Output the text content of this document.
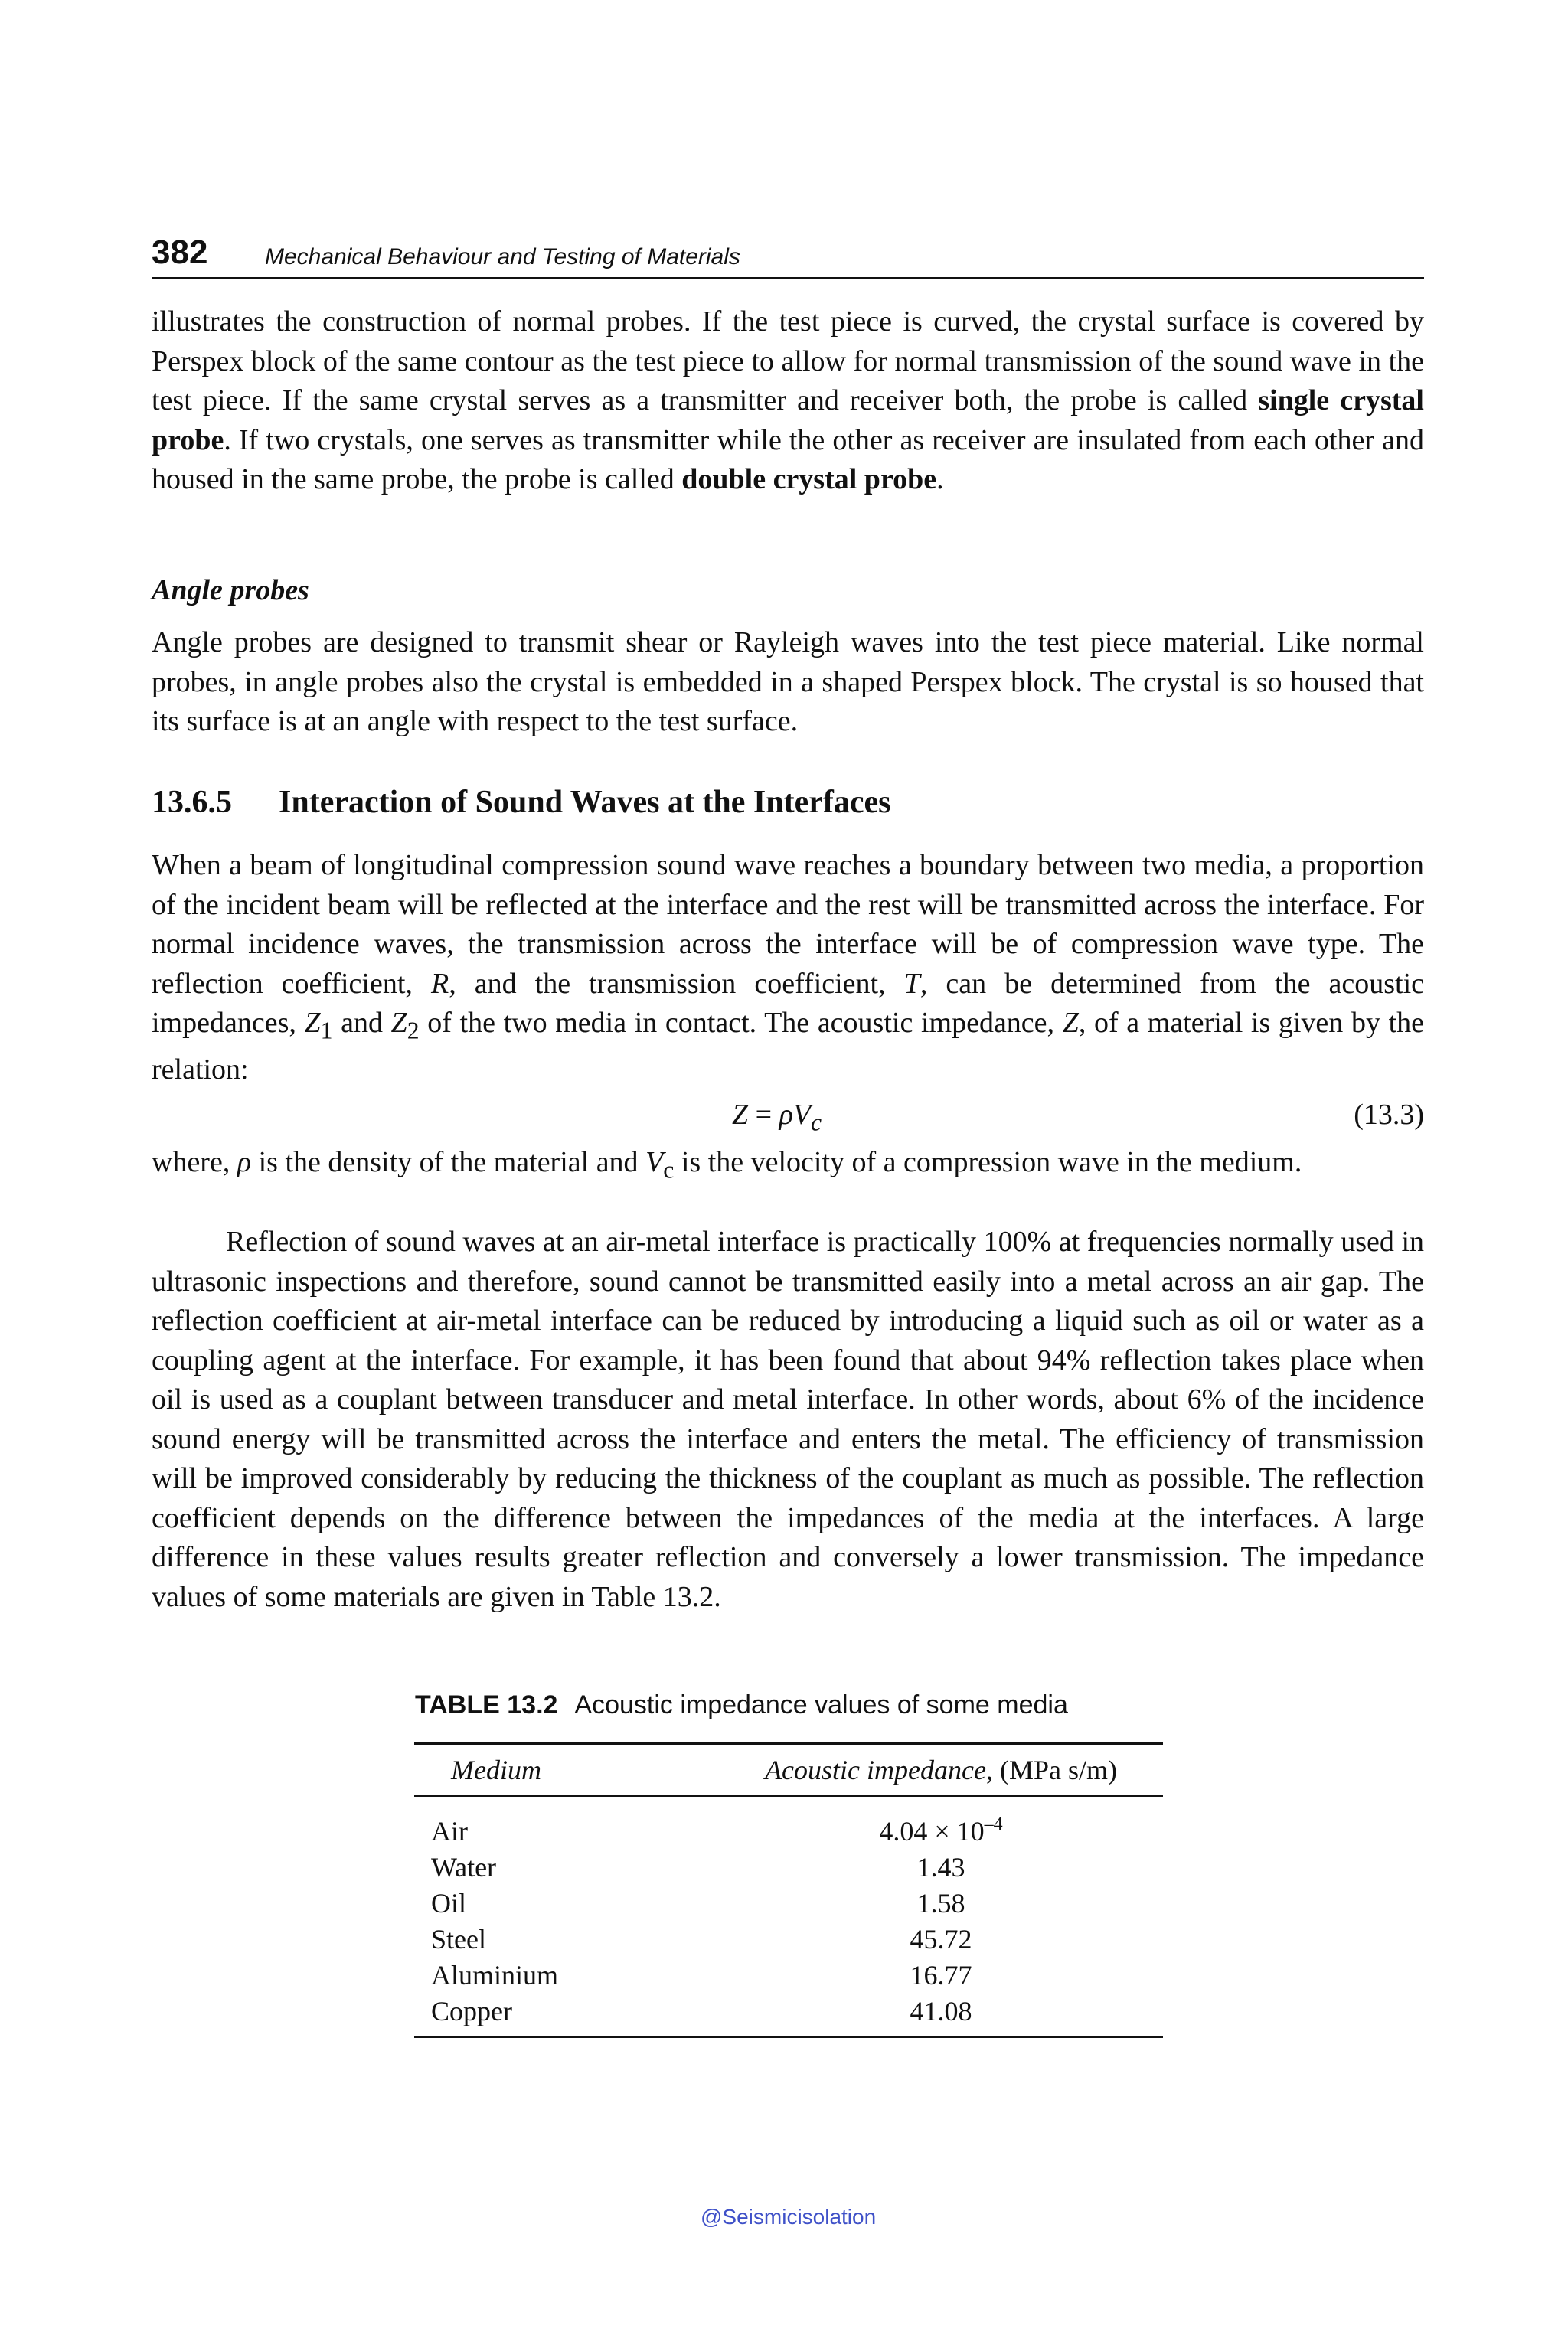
382 Mechanical Behaviour and Testing of Materials

illustrates the construction of normal probes. If the test piece is curved, the crystal surface is covered by Perspex block of the same contour as the test piece to allow for normal transmission of the sound wave in the test piece. If the same crystal serves as a transmitter and receiver both, the probe is called single crystal probe. If two crystals, one serves as transmitter while the other as receiver are insulated from each other and housed in the same probe, the probe is called double crystal probe.

Angle probes

Angle probes are designed to transmit shear or Rayleigh waves into the test piece material. Like normal probes, in angle probes also the crystal is embedded in a shaped Perspex block. The crystal is so housed that its surface is at an angle with respect to the test surface.

13.6.5 Interaction of Sound Waves at the Interfaces

When a beam of longitudinal compression sound wave reaches a boundary between two media, a proportion of the incident beam will be reflected at the interface and the rest will be transmitted across the interface. For normal incidence waves, the transmission across the interface will be of compression wave type. The reflection coefficient, R, and the transmission coefficient, T, can be determined from the acoustic impedances, $Z_1$ and $Z_2$ of the two media in contact. The acoustic impedance, Z, of a material is given by the relation:

$Z = \rho V_c$	(13.3)

where, ρ is the density of the material and $V_c$ is the velocity of a compression wave in the medium.

Reflection of sound waves at an air-metal interface is practically 100% at frequencies normally used in ultrasonic inspections and therefore, sound cannot be transmitted easily into a metal across an air gap. The reflection coefficient at air-metal interface can be reduced by introducing a liquid such as oil or water as a coupling agent at the interface. For example, it has been found that about 94% reflection takes place when oil is used as a couplant between transducer and metal interface. In other words, about 6% of the incidence sound energy will be transmitted across the interface and enters the metal. The efficiency of transmission will be improved considerably by reducing the thickness of the couplant as much as possible. The reflection coefficient depends on the difference between the impedances of the media at the interfaces. A large difference in these values results greater reflection and conversely a lower transmission. The impedance values of some materials are given in Table 13.2.

TABLE 13.2 Acoustic impedance values of some media
Medium	Acoustic impedance, (MPa s/m)
Air	$4.04 \times 10^{-4}$
Water	1.43
Oil	1.58
Steel	45.72
Aluminium	16.77
Copper	41.08
@Seismicisolation
